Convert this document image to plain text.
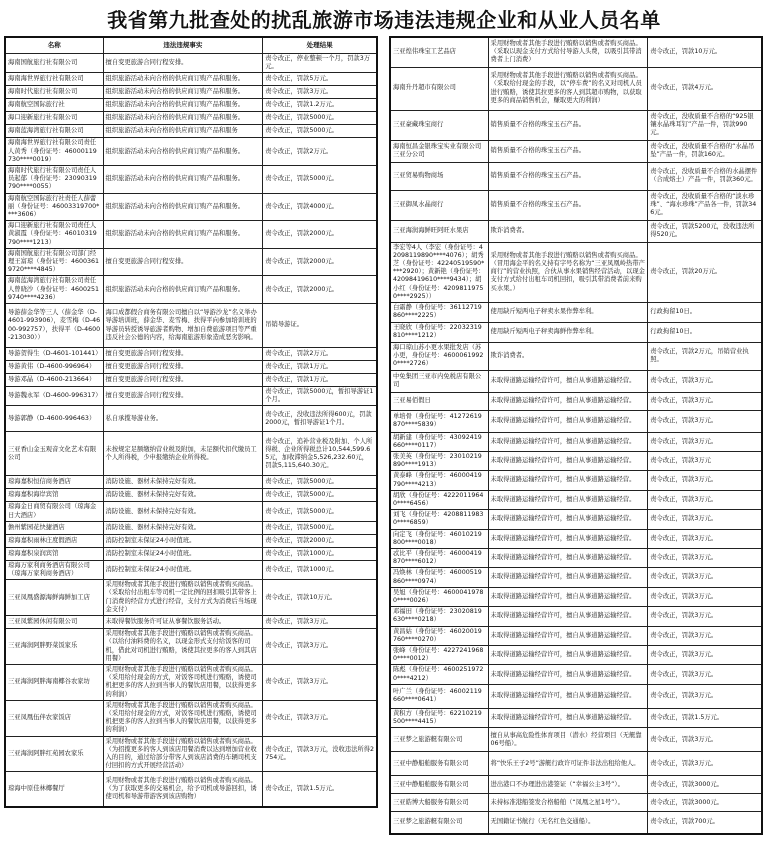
我省第九批查处的扰乱旅游市场违法违规企业和从业人员名单
名称	违法违规事实	处理结果
海南国航旅行社有限公司	擅自变更旅游合同行程安排。	责令改正，停业整顿一个月，罚款3万元。
海南海世界旅行社有限公司	组织旅游活动未向合格的供应商订购产品和服务。	责令改正，罚款5万元。
海南时代旅行社有限公司	组织旅游活动未向合格的供应商订购产品和服务。	责令改正，罚款3万元。
海南航空国际旅行社	组织旅游活动未向合格的供应商订购产品和服务。	责令改正，罚款1.2万元。
海口迎新旅行社有限公司	组织旅游活动未向合格的供应商订购产品和服务。	责令改正，罚款5000元。
海南蓝海湾旅行社有限公司	组织旅游活动未向合格的供应商订购产品和服务	责令改正，罚款5000元。
海南海世界旅行社有限公司责任人黄秀（身份证号：46000119730****0019）	组织旅游活动未向合格的供应商订购产品和服务。	责令改正，罚款2万元。
海南时代旅行社有限公司责任人员起郁（身份证号：23090319790****0055）	组织旅游活动未向合格的供应商订购产品和服务。	责令改正，罚款5000元。
海南航空国际旅行社责任人薛蕾丽（身份证号：46003319700****3606）	组织旅游活动未向合格的供应商订购产品和服务。	责令改正，罚款4000元。
海口迎新旅行社有限公司责任人黄淑霞（身份证号：46010319790****1213）	组织旅游活动未向合格的供应商订购产品和服务。	责令改正，罚款2000元。
海南国航旅行社有限公司部门经理王富琼（身份证号：46003619720****4845）	擅自变更旅游合同行程安排。	责令改正，罚款2000元。
海南蓝海湾旅行社有限公司责任人曾晓沙（身份证号：46002519740****4236）	组织旅游活动未向合格的供应商订购产品和服务。	责令改正，罚款2000元。
导游薛金华等三人（薛金华（D-4601-993906），麦雪梅（D-4600-992757），扶得平（D-4600-213030））	海口成都假合商务有限公司擅自以“导游沙龙”名义举办导游培训班，薛金华、麦雪梅、扶得平向参加培训班的导游员转授诱导旅游者购物、增加自费旅游项目等严重违反社会公德的内容，给海南旅游形象造成恶劣影响。	吊销导游证。
导游贺得生（D-4601-101441）	擅自变更旅游合同行程安排。	责令改正，罚款2万元。
导游黄伟（D-4600-996964）	擅自变更旅游合同行程安排。	责令改正，罚款1万元。
导游邓晶（D-4600-213664）	擅自变更旅游合同行程安排。	责令改正，罚款1万元。
导游魏永军（D-4600-996317）	擅自变更旅游合同行程安排。	责令改正，罚款5000元，暂扣导游证1个月。
导游郭静（D-4600-996463）	私自承揽导游业务。	责令改正，没收违法所得600元，罚款2000元，暂扣导游证1个月。
三亚香山金玉观音文化艺术有限公司	未按规定足额缴纳营业税及附加，未足额代扣代缴员工个人所得税，少申报缴纳企业所得税。	责令改正，追补营业税及附加、个人所得税、企业所得税总计10,544,599.65元，加收滞纳金5,526,232.60元，罚款5,115,640.30元。
琼海嘉积恒信商务酒店	消防设施、器材未保持完好有效。	责令改正，罚款5000元。
琼海嘉积海岸宾馆	消防设施、器材未保持完好有效。	责令改正，罚款5000元。
琼海金日商贸有限公司（琼海金日大酒店）	消防设施、器材未保持完好有效。	责令改正，罚款5000元。
儋州紫园花快捷酒店	消防设施、器材未保持完好有效。	责令改正，罚款5000元。
琼海嘉积雨林庄度假酒店	消防控制室未保证24小时值班。	责令改正，罚款2000元。
琼海嘉积泉润宾馆	消防控制室未保证24小时值班。	责令改正，罚款1000元。
琼海万家利商务酒店有限公司（琼海万家利商务酒店）	消防控制室未保证24小时值班。	责令改正，罚款1000元。
三亚凤凰盛源海鲜海鲜加工店	采用财物或者其他手段进行贿赂以销售或者购买商品。（采取给付出租车等司机一定比例的回扣吸引其带客上门消费的经营方式进行经营，支付方式为消费后当场现金支付）	责令改正，罚款10万元。
三亚凤紫园休闲有限公司	未取得餐饮服务许可证从事餐饮服务活动。	责令改正，罚款3万元。
三亚海润阿胖野菜饭家乐	采用财物或者其他手段进行贿赂以销售或者购买商品。（以给付油料费的名义，以现金形式支付给饭客的司机，借此对司机进行贿赂，诱使其拉更多的客人到其店用餐）	责令改正，罚款3万元。
三亚海润阿胖海南椰谷农家坊	采用财物或者其他手段进行贿赂以销售或者购买商品。（采用给付现金的方式，对饭客司机进行贿赂，诱使司机把更多的客人拉到当事人的餐饮店用餐，以获得更多的利润）	责令改正，罚款3万元。
三亚凤凰伍伴农家饭店	采用财物或者其他手段进行贿赂以销售或者购买商品。（采用给付现金的方式，对饭客司机进行贿赂，诱使司机把更多的客人拉到当事人的餐饮店用餐，以获得更多的利润）	责令改正，罚款3万元。
三亚海润阿胖红苑园农家乐	采用财物或者其他手段进行贿赂以销售或者购买商品。（为招揽更多的客人到该店用餐消费以达到增加营业收入的目的，通过给部分带客人到该店消费的车辆司机支付回扣的方式开展经营活动）	责令改正，罚款3万元，没收违法所得2754元。
琼海中原佳林椰餐厅	采用财物或者其他手段进行贿赂以销售或者购买商品。（为了获取更多的交易机会，给予司机或导游回扣，诱使司机和导游带游客到该店购物）	责令改正，罚款1.5万元。
三亚煌伟珠宝工艺品店	采用财物或者其他手段进行贿赂以销售或者购买商品。（采取以现金支付方式给付导游人头费，以吸引其带消费者上门消费）	责令改正，罚款10万元。
海南升丹超市有限公司	采用财物或者其他手段进行贿赂以销售或者购买商品。（采取给付现金的手段，以“停车费”的名义对司机人员进行贿赂，诱使其拉更多的客人到其超市购物，以获取更多的商品销售机会，赚取更大的利润）	责令改正，罚款4万元。
三亚豪藏珠宝商行	销售质量不合格的珠宝玉石产品。	责令改正，没收质量不合格的“925银镶水晶珠耳钉”产品一件，罚款990元。
海南恒昌金银珠宝实业有限公司三亚分公司	销售质量不合格的珠宝玉石产品。	责令改正，没收质量不合格的“水晶吊坠”产品一件，罚款160元。
三亚贸易购物商场	销售质量不合格的珠宝玉石产品。	责令改正，没收质量不合格的水晶摆件（合成熔土）产品一件，罚款360元。
三亚御凤水晶商行	销售质量不合格的珠宝玉石产品。	责令改正，没收质量不合格的“淡水珍珠”、“海水珍珠”产品各一件，罚款346元。
三亚海润海鲜旺阿旺水果店	欺诈消费者。	责令改正，罚款5200元，没收违法所得520元。
李宏等4人（李宏（身份证号：42098119890****4076）；胡秀芝（身份证号：42240519590****2920）；黄新艳（身份证号：42098419610****9434）；胡小红（身份证号：42098119750****2925））	采用财物或者其他手段进行贿赂以销售或者购买商品。（冒用海金平的名义持有字号名称为“三亚凤凰岭热带产商行”的营业执照，合伙从事水果销售经营活动，以现金支付方式给付出租车司机回扣，吸引其带消费者前来购买水果。）	责令改正，罚款20万元。
白霜静（身份证号：36112719860****2225）	使用缺斤短两电子秤卖水果作弊牟利。	行政拘留10日。
王晓欣（身份证号：22032319810****1212）	使用缺斤短两电子秤卖海鲜作弊牟利。	行政拘留10日。
海口琼山苏小更水果批发店（苏小更，身份证号：46000619920****2726）	欺诈消费者。	责令改正，罚款2万元，吊销营业执照。
中免集团三亚市内免税店有限公司	未取得道路运输经营许可，擅自从事道路运输经营。	责令改正，罚款3万元。
三亚易佰假日	未取得道路运输经营许可，擅自从事道路运输经营。	责令改正，罚款3万元。
单培骨（身份证号：41272619870****5839）	未取得道路运输经营许可，擅自从事道路运输经营。	责令改正，罚款3万元。
胡新建（身份证号：43092419660****0117）	未取得道路运输经营许可，擅自从事道路运输经营。	责令改正，罚款3万元。
张美英（身份证号：23010219890****1913）	未取得道路运输经营许可，擅自从事道路运输经营。	责令改正，罚款3万元
黄泰峰（身份证号：46000419790****4213）	未取得道路运输经营许可，擅自从事道路运输经营。	责令改正，罚款3万元。
胡欣（身份证号：42220119640****6456）	未取得道路运输经营许可，擅自从事道路运输经营。	责令改正，罚款3万元。
刘飞（身份证号：42088119830****6859）	未取得道路运输经营许可，擅自从事道路运输经营。	责令改正，罚款3万元。
向定飞（身份证号：46010219800****0018）	未取得道路运输经营许可，擅自从事道路运输经营。	责令改正，罚款3万元。
忒比平（身份证号：46000419870****6012）	未取得道路运输经营许可，擅自从事道路运输经营。	责令改正，罚款3万元。
冯焕林（身份证号：46000519860****0974）	未取得道路运输经营许可，擅自从事道路运输经营。	责令改正，罚款3万元。
吴旭（身份证号：46000419780****0026）	未取得道路运输经营许可，擅自从事道路运输经营。	责令改正，罚款3万元。
邓福田（身份证号：23020819630****0218）	未取得道路运输经营许可，擅自从事道路运输经营。	责令改正，罚款3万元。
黄昌姑（身份证号：46020019760****0270）	未取得道路运输经营许可，擅自从事道路运输经营。	责令改正，罚款3万元。
张峰（身份证号：42272419680****0012）	未取得道路运输经营许可，擅自从事道路运输经营。	责令改正，罚款3万元。
陈彪（身份证号：46002519720****4212）	未取得道路运输经营许可，擅自从事道路运输经营。	责令改正，罚款3万元。
叶广兰（身份证号：46002119660****0641）	未取得道路运输经营许可，擅自从事道路运输经营。	责令改正，罚款3万元。
黄积方（身份证号：62210219500****4415）	未取得道路运输经营许可，擅自从事道路运输经营。	责令改正，罚款1.5万元。
三亚梦之旅游艇有限公司	擅自从事高危险性体育项目（潜水）经营项目（无艇靠06号船）。	责令改正，罚款3万元。
三亚中静船舶服务有限公司	将“快乐王子2号”游艇行政许可证件非法出租给他人。	责令改正，罚款3万元。
三亚中静船舶服务有限公司	进出港口不办理进出港签证（“幸福公主3号”）。	责令改正，罚款3000元。
三亚皓博大船服务有限公司	未持标准港船签发合格船舶（“凤凰之星1号”）。	责令改正，罚款3000元。
三亚梦之旅游艇有限公司	无国籍证书航行（无名红色交通船）。	责令改正，罚款700元。
